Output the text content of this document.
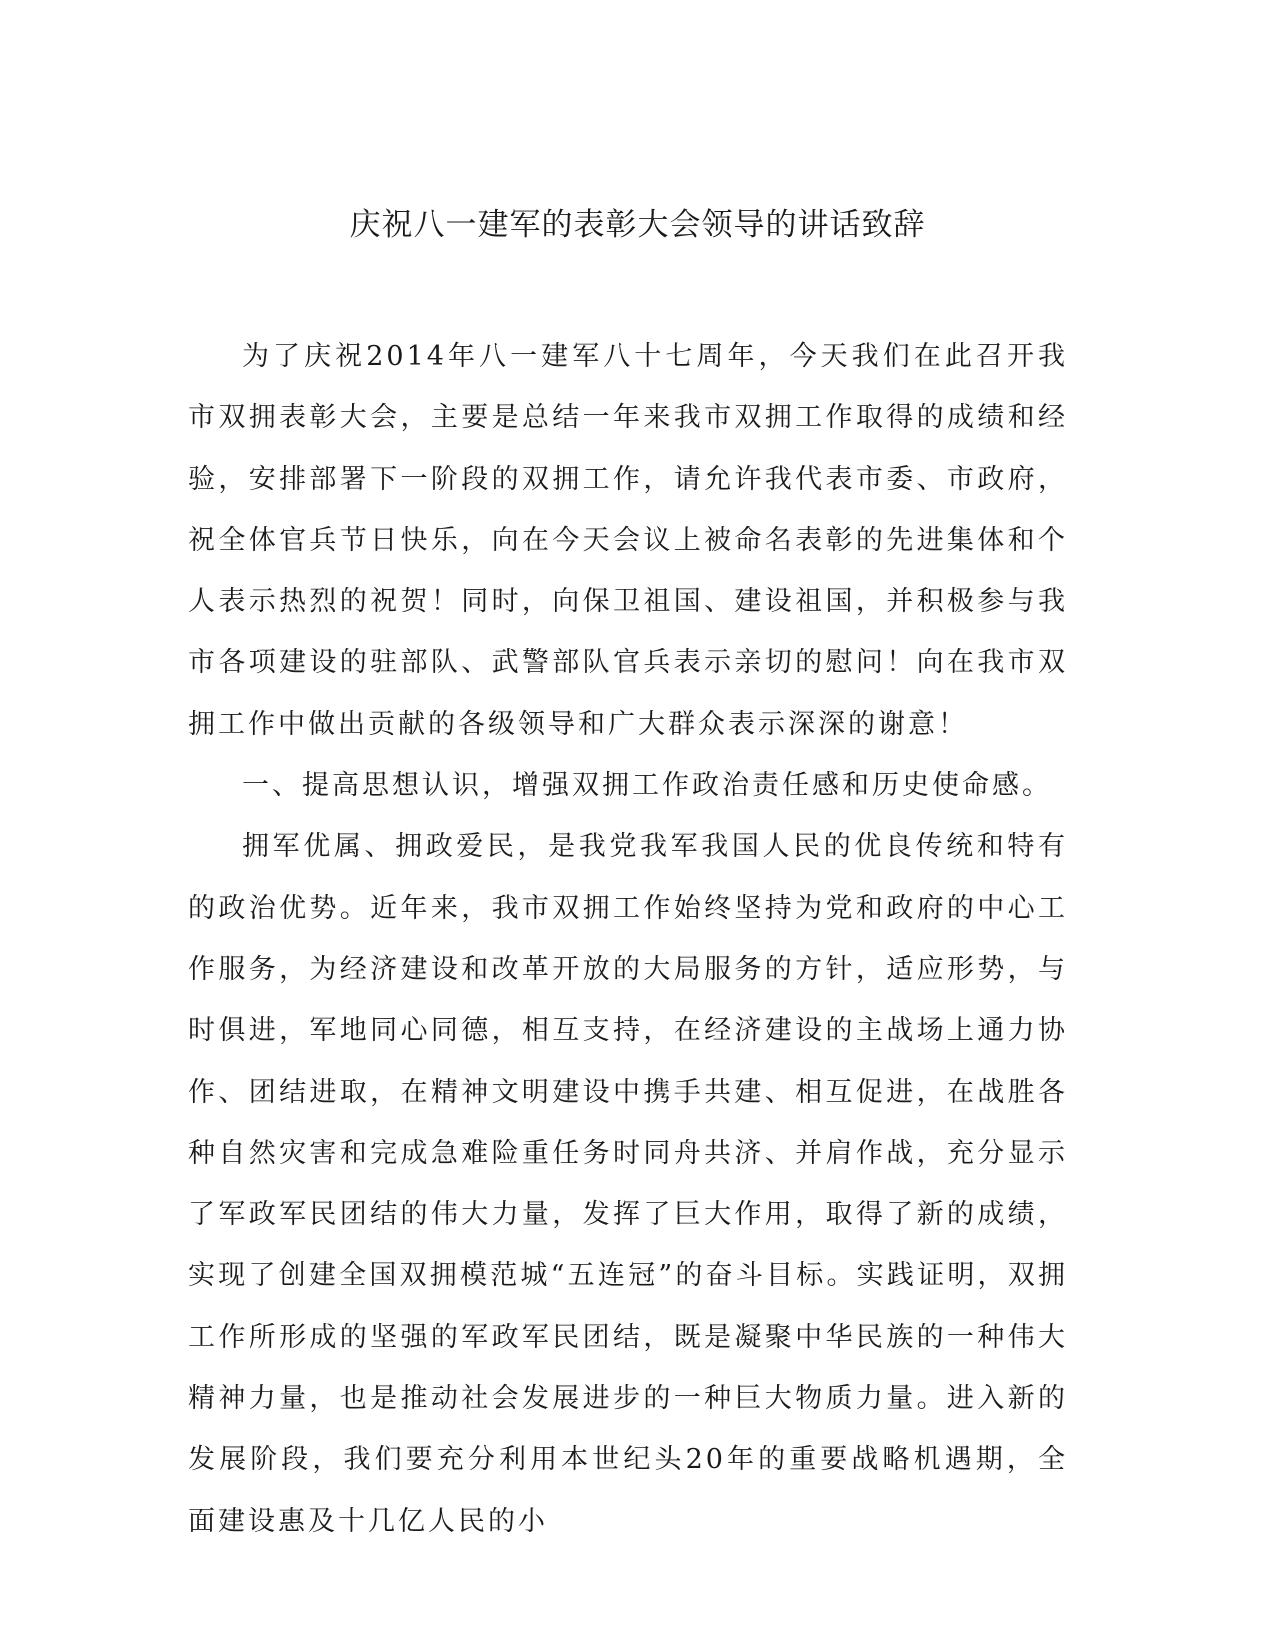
庆祝八一建军的表彰大会领导的讲话致辞

为了庆祝2014年八一建军八十七周年，今天我们在此召开我市双拥表彰大会，主要是总结一年来我市双拥工作取得的成绩和经验，安排部署下一阶段的双拥工作，请允许我代表市委、市政府，祝全体官兵节日快乐，向在今天会议上被命名表彰的先进集体和个人表示热烈的祝贺！同时，向保卫祖国、建设祖国，并积极参与我市各项建设的驻部队、武警部队官兵表示亲切的慰问！向在我市双拥工作中做出贡献的各级领导和广大群众表示深深的谢意！

一、提高思想认识，增强双拥工作政治责任感和历史使命感。

拥军优属、拥政爱民，是我党我军我国人民的优良传统和特有的政治优势。近年来，我市双拥工作始终坚持为党和政府的中心工作服务，为经济建设和改革开放的大局服务的方针，适应形势，与时俱进，军地同心同德，相互支持，在经济建设的主战场上通力协作、团结进取，在精神文明建设中携手共建、相互促进，在战胜各种自然灾害和完成急难险重任务时同舟共济、并肩作战，充分显示了军政军民团结的伟大力量，发挥了巨大作用，取得了新的成绩，实现了创建全国双拥模范城“五连冠”的奋斗目标。实践证明，双拥工作所形成的坚强的军政军民团结，既是凝聚中华民族的一种伟大精神力量，也是推动社会发展进步的一种巨大物质力量。进入新的发展阶段，我们要充分利用本世纪头20年的重要战略机遇期，全面建设惠及十几亿人民的小
